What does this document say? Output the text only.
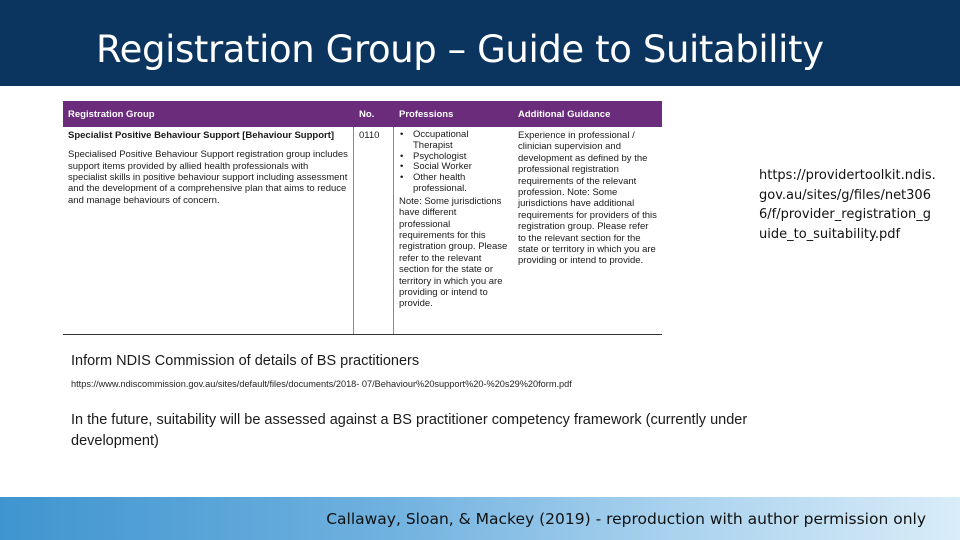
Registration Group – Guide to Suitability
Registration Group	No.	Professions	Additional Guidance
Specialist Positive Behaviour Support [Behaviour Support]
Specialised Positive Behaviour Support registration group includes support items provided by allied health professionals with specialist skills in positive behaviour support including assessment and the development of a comprehensive plan that aims to reduce and manage behaviours of concern.
0110
•	Occupational Therapist
• Psychologist
• Social Worker
• Other health professional.
Note: Some jurisdictions have different professional requirements for this registration group. Please refer to the relevant section for the state or territory in which you are providing or intend to provide.
Experience in professional / clinician supervision and development as defined by the professional registration requirements of the relevant profession. Note: Some jurisdictions have additional requirements for providers of this registration group. Please refer to the relevant section for the state or territory in which you are providing or intend to provide.
https://providertoolkit.ndis.gov.au/sites/g/files/net3066/f/provider_registration_guide_to_suitability.pdf
Inform NDIS Commission of details of BS practitioners
https://www.ndiscommission.gov.au/sites/default/files/documents/2018- 07/Behaviour%20support%20-%20s29%20form.pdf
In the future, suitability will be assessed against a BS practitioner competency framework (currently under development)
Callaway, Sloan, & Mackey (2019) - reproduction with author permission only
